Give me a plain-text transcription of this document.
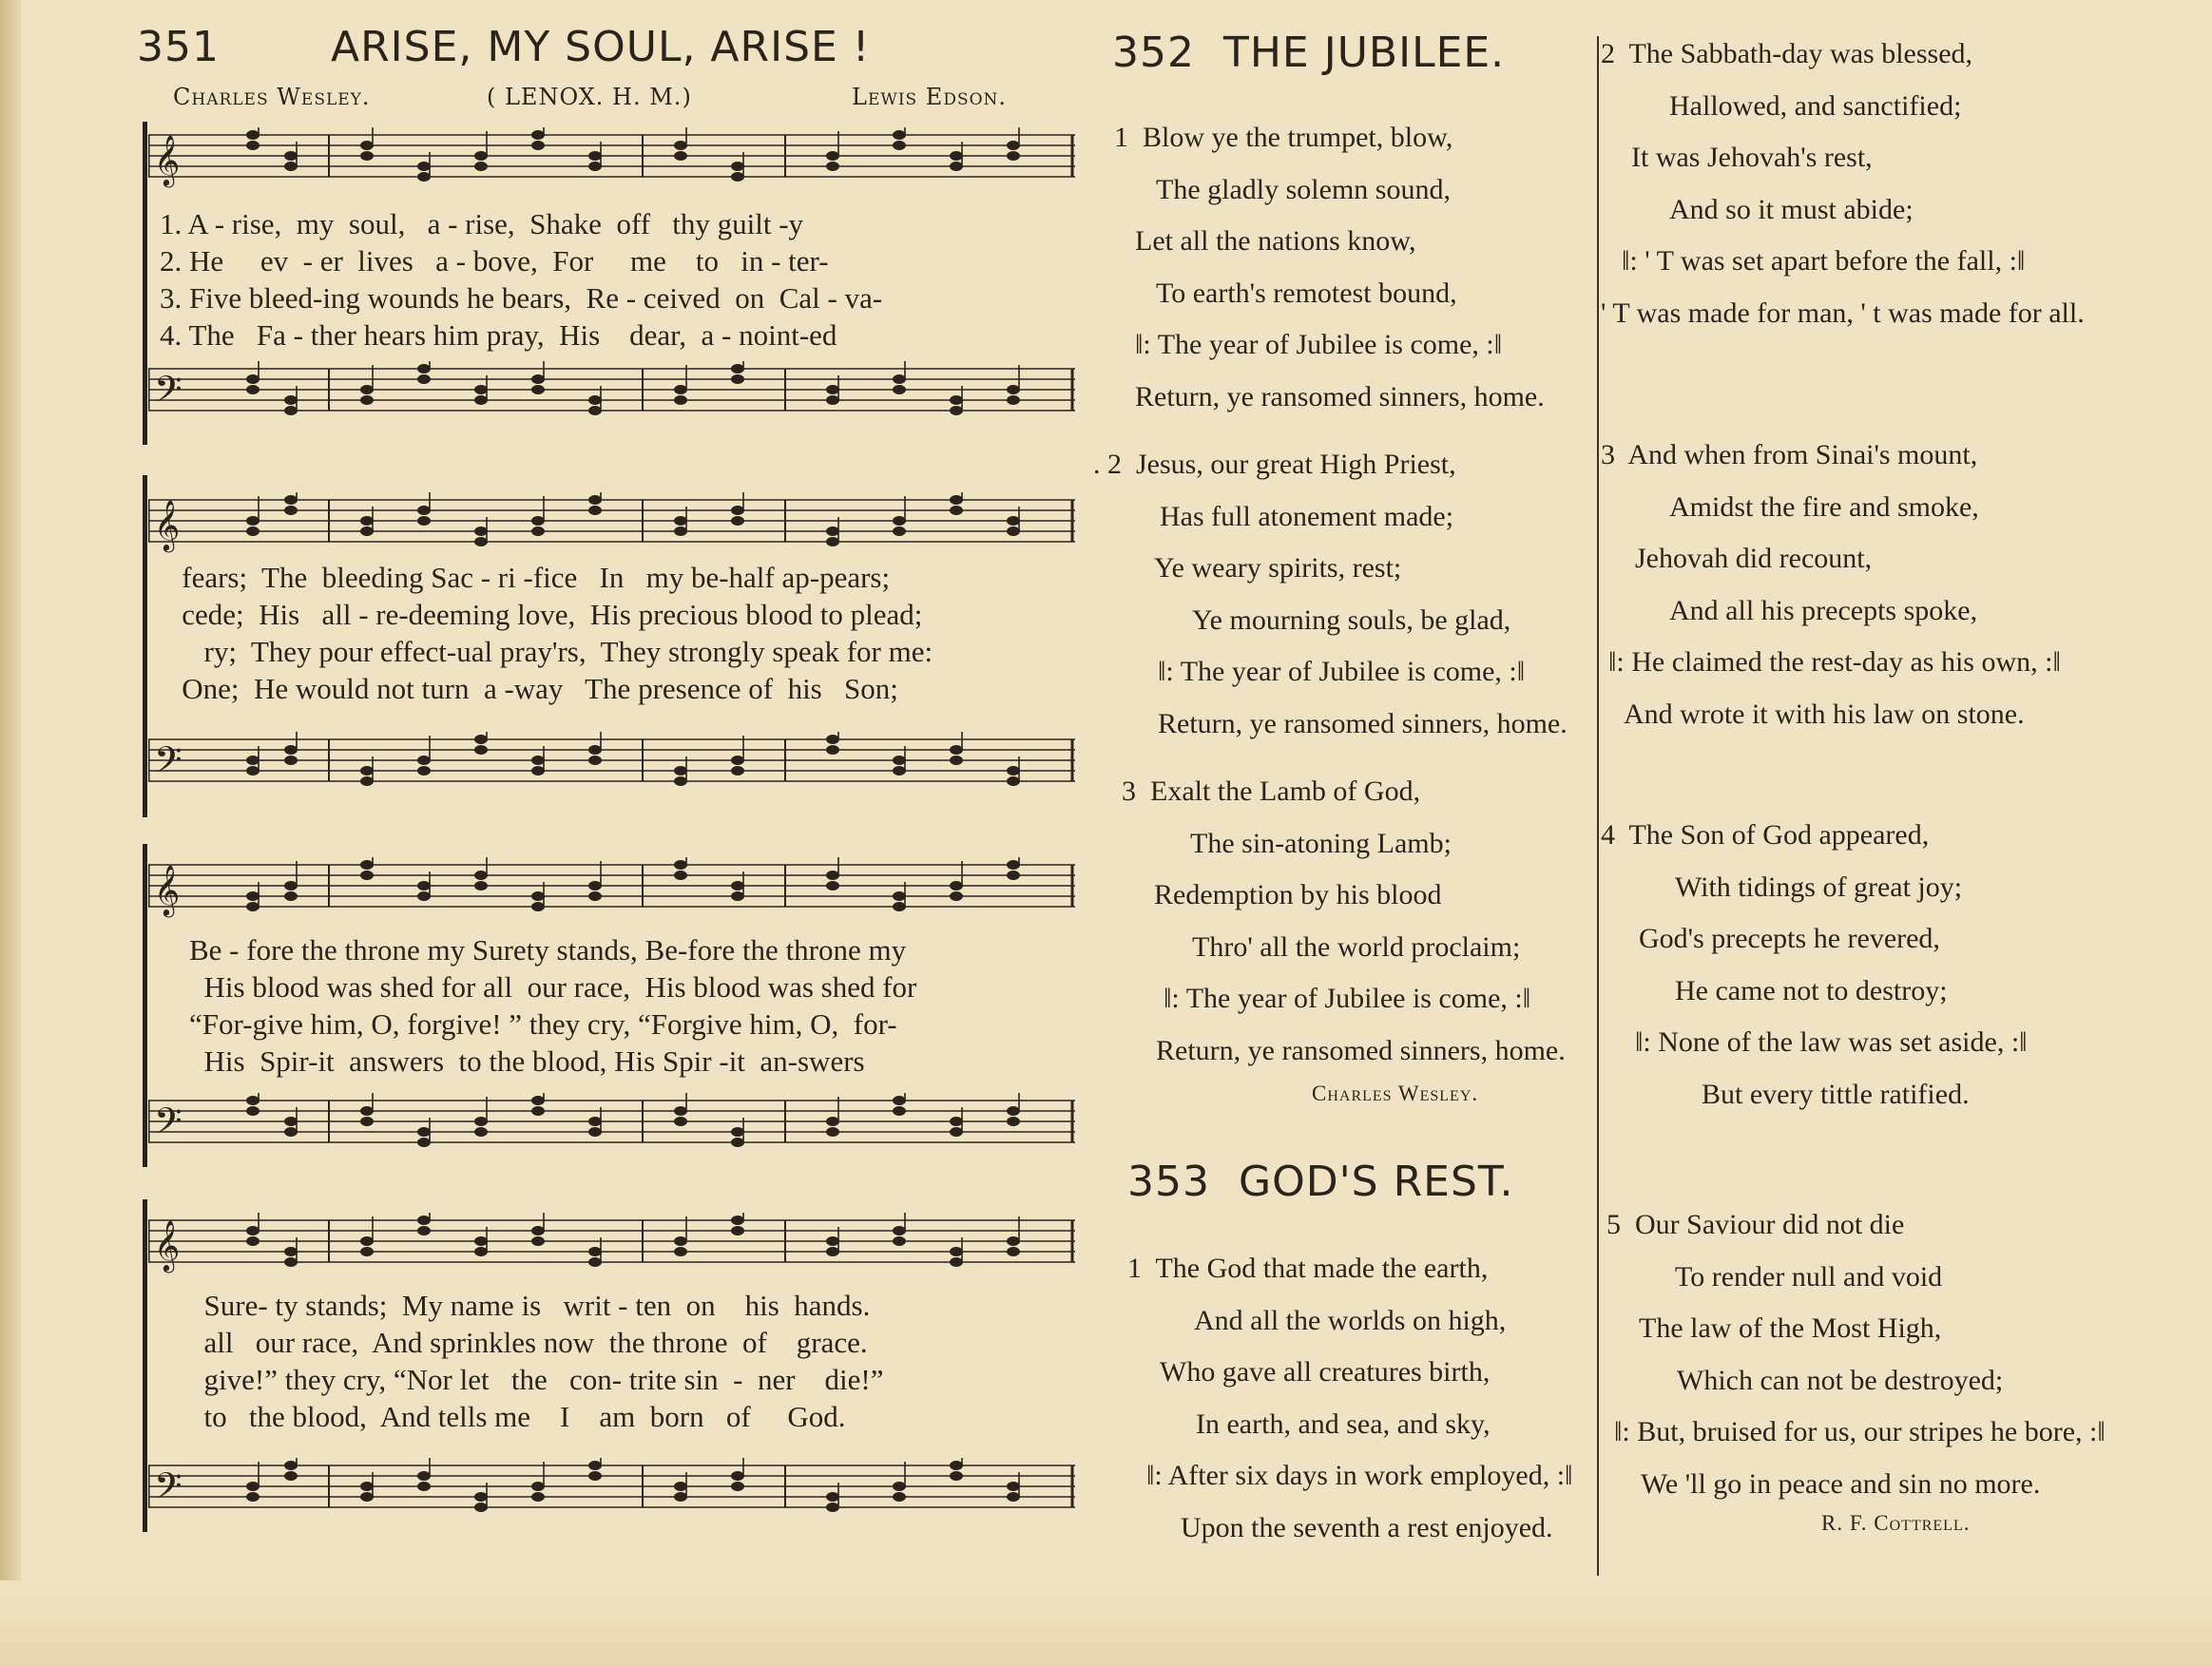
351	ARISE, MY SOUL, ARISE !
Charles Wesley.	( LENOX. H. M.)	Lewis Edson.
𝄞
1. A - rise,  my  soul,   a - rise,  Shake  off   thy guilt -y
2. He     ev  - er  lives   a - bove,  For     me    to   in - ter-
3. Five bleed-ing wounds he bears,  Re - ceived  on  Cal - va-
4. The   Fa - ther hears him pray,  His    dear,  a - noint-ed
𝄢
𝄞
fears;  The  bleeding Sac - ri -fice   In   my be-half ap-pears;
cede;  His   all - re-deeming love,  His precious blood to plead;
ry;  They pour effect-ual pray'rs,  They strongly speak for me:
One;  He would not turn  a -way   The presence of  his   Son;
𝄢
𝄞
Be - fore the throne my Surety stands, Be-fore the throne my
His blood was shed for all  our race,  His blood was shed for
“For-give him, O, forgive! ” they cry, “Forgive him, O,  for-
His  Spir-it  answers  to the blood, His Spir -it  an-swers
𝄢
𝄞
Sure- ty stands;  My name is   writ - ten  on    his  hands.
all   our race,  And sprinkles now  the throne  of    grace.
give!” they cry, “Nor let   the   con- trite sin  -  ner    die!”
to   the blood,  And tells me    I    am  born   of     God.
𝄢
352 THE JUBILEE.
1  Blow ye the trumpet, blow,
The gladly solemn sound,
Let all the nations know,
To earth's remotest bound,
‖: The year of Jubilee is come, :‖
Return, ye ransomed sinners, home.
. 2  Jesus, our great High Priest,
Has full atonement made;
Ye weary spirits, rest;
Ye mourning souls, be glad,
‖: The year of Jubilee is come, :‖
Return, ye ransomed sinners, home.
3  Exalt the Lamb of God,
The sin-atoning Lamb;
Redemption by his blood
Thro' all the world proclaim;
‖: The year of Jubilee is come, :‖
Return, ye ransomed sinners, home.
Charles Wesley.
353 GOD'S REST.
1  The God that made the earth,
And all the worlds on high,
Who gave all creatures birth,
In earth, and sea, and sky,
‖: After six days in work employed, :‖
Upon the seventh a rest enjoyed.
2  The Sabbath-day was blessed,
Hallowed, and sanctified;
It was Jehovah's rest,
And so it must abide;
‖: ' T was set apart before the fall, :‖
' T was made for man, ' t was made for all.
3  And when from Sinai's mount,
Amidst the fire and smoke,
Jehovah did recount,
And all his precepts spoke,
‖: He claimed the rest-day as his own, :‖
And wrote it with his law on stone.
4  The Son of God appeared,
With tidings of great joy;
God's precepts he revered,
He came not to destroy;
‖: None of the law was set aside, :‖
But every tittle ratified.
5  Our Saviour did not die
To render null and void
The law of the Most High,
Which can not be destroyed;
‖: But, bruised for us, our stripes he bore, :‖
We 'll go in peace and sin no more.
R. F. Cottrell.
